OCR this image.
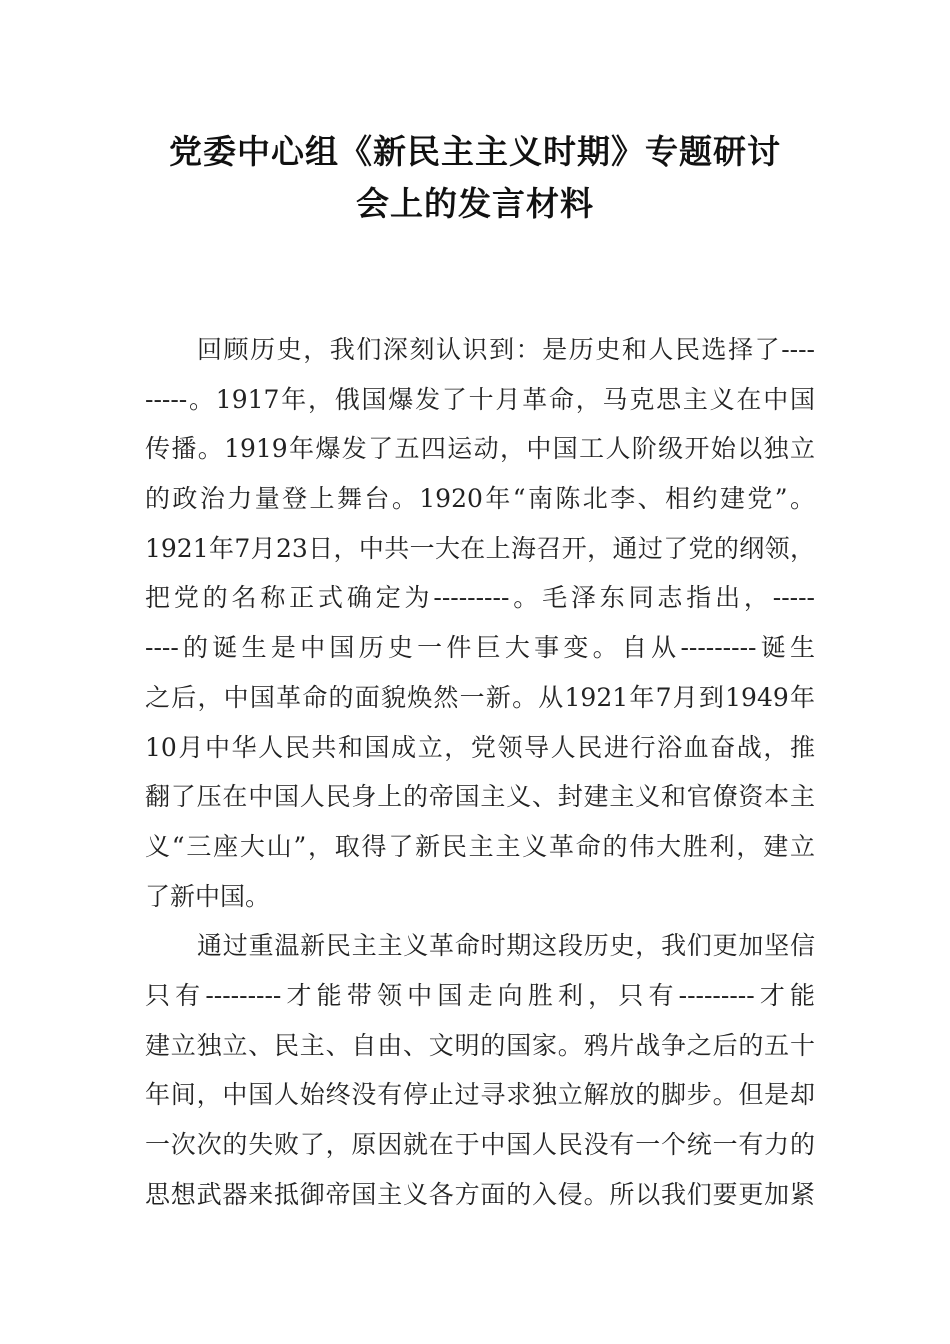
党委中心组《新民主主义时期》专题研讨
会上的发言材料
回顾历史，我们深刻认识到：是历史和人民选择了----
-----。1917年，俄国爆发了十月革命，马克思主义在中国
传播。1919年爆发了五四运动，中国工人阶级开始以独立
的政治力量登上舞台。1920年“南陈北李、相约建党”。
1921年7月23日，中共一大在上海召开，通过了党的纲领，
把党的名称正式确定为---------。毛泽东同志指出，-----
----的诞生是中国历史一件巨大事变。自从---------诞生
之后，中国革命的面貌焕然一新。从1921年7月到1949年
10月中华人民共和国成立，党领导人民进行浴血奋战，推
翻了压在中国人民身上的帝国主义、封建主义和官僚资本主
义“三座大山”，取得了新民主主义革命的伟大胜利，建立
了新中国。
通过重温新民主主义革命时期这段历史，我们更加坚信
只有---------才能带领中国走向胜利，只有---------才能
建立独立、民主、自由、文明的国家。鸦片战争之后的五十
年间，中国人始终没有停止过寻求独立解放的脚步。但是却
一次次的失败了，原因就在于中国人民没有一个统一有力的
思想武器来抵御帝国主义各方面的入侵。所以我们要更加紧
